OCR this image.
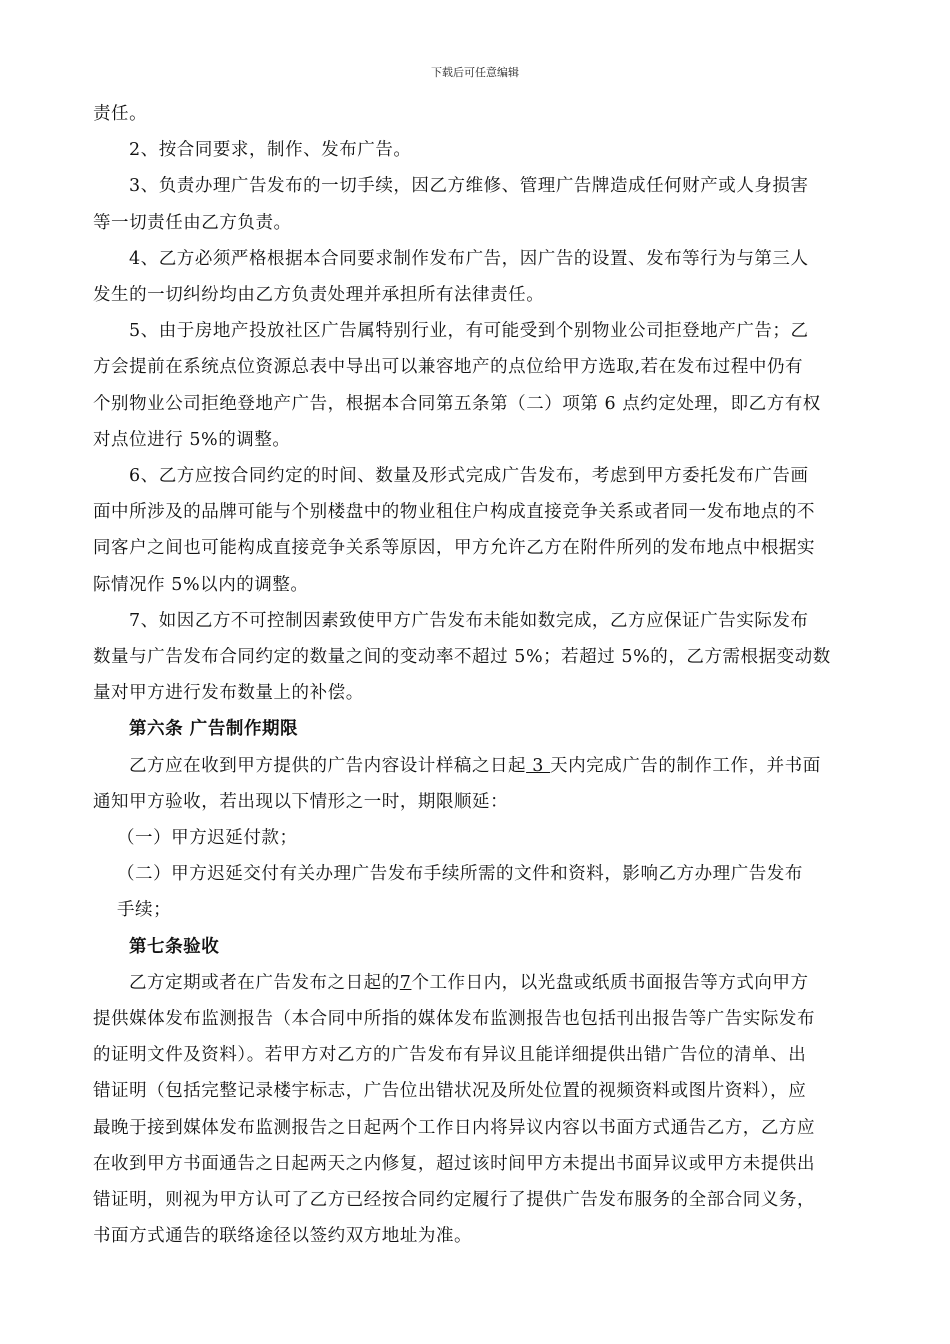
下载后可任意编辑

责任。

2、按合同要求，制作、发布广告。

3、负责办理广告发布的一切手续，因乙方维修、管理广告牌造成任何财产或人身损害

等一切责任由乙方负责。

4、乙方必须严格根据本合同要求制作发布广告，因广告的设置、发布等行为与第三人

发生的一切纠纷均由乙方负责处理并承担所有法律责任。

5、由于房地产投放社区广告属特别行业，有可能受到个别物业公司拒登地产广告；乙

方会提前在系统点位资源总表中导出可以兼容地产的点位给甲方选取,若在发布过程中仍有

个别物业公司拒绝登地产广告，根据本合同第五条第（二）项第 6 点约定处理，即乙方有权

对点位进行 5%的调整。

6、乙方应按合同约定的时间、数量及形式完成广告发布，考虑到甲方委托发布广告画

面中所涉及的品牌可能与个别楼盘中的物业租住户构成直接竞争关系或者同一发布地点的不

同客户之间也可能构成直接竞争关系等原因，甲方允许乙方在附件所列的发布地点中根据实

际情况作 5%以内的调整。

7、如因乙方不可控制因素致使甲方广告发布未能如数完成，乙方应保证广告实际发布

数量与广告发布合同约定的数量之间的变动率不超过 5%；若超过 5%的，乙方需根据变动数

量对甲方进行发布数量上的补偿。

第六条 广告制作期限

乙方应在收到甲方提供的广告内容设计样稿之日起 3 天内完成广告的制作工作，并书面

通知甲方验收，若出现以下情形之一时，期限顺延：

（一）甲方迟延付款；

（二）甲方迟延交付有关办理广告发布手续所需的文件和资料，影响乙方办理广告发布

手续；

第七条验收

乙方定期或者在广告发布之日起的7个工作日内，以光盘或纸质书面报告等方式向甲方

提供媒体发布监测报告（本合同中所指的媒体发布监测报告也包括刊出报告等广告实际发布

的证明文件及资料）。若甲方对乙方的广告发布有异议且能详细提供出错广告位的清单、出

错证明（包括完整记录楼宇标志，广告位出错状况及所处位置的视频资料或图片资料），应

最晚于接到媒体发布监测报告之日起两个工作日内将异议内容以书面方式通告乙方，乙方应

在收到甲方书面通告之日起两天之内修复，超过该时间甲方未提出书面异议或甲方未提供出

错证明，则视为甲方认可了乙方已经按合同约定履行了提供广告发布服务的全部合同义务，

书面方式通告的联络途径以签约双方地址为准。
